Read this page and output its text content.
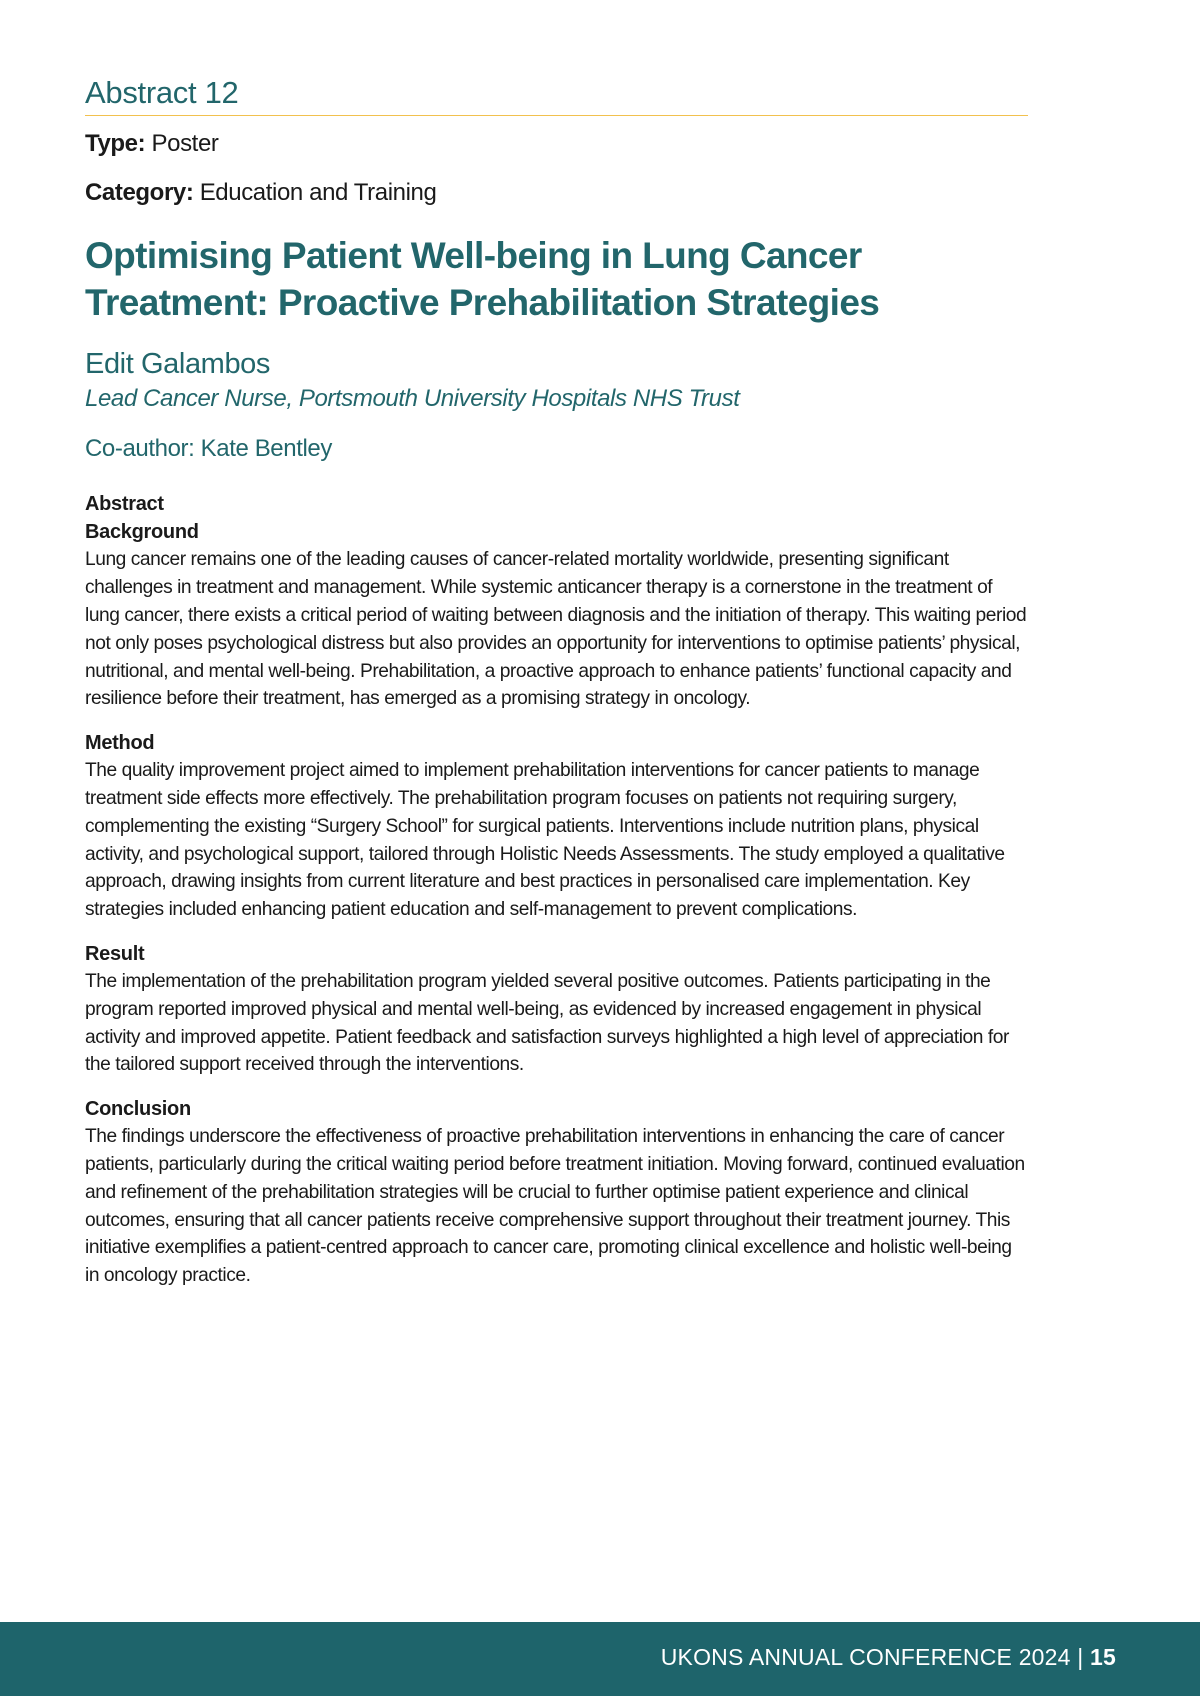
Abstract 12
Type: Poster
Category: Education and Training
Optimising Patient Well-being in Lung Cancer Treatment: Proactive Prehabilitation Strategies
Edit Galambos
Lead Cancer Nurse, Portsmouth University Hospitals NHS Trust
Co-author: Kate Bentley
Abstract
Background

Lung cancer remains one of the leading causes of cancer-related mortality worldwide, presenting significant challenges in treatment and management. While systemic anticancer therapy is a cornerstone in the treatment of lung cancer, there exists a critical period of waiting between diagnosis and the initiation of therapy. This waiting period not only poses psychological distress but also provides an opportunity for interventions to optimise patients’ physical, nutritional, and mental well-being. Prehabilitation, a proactive approach to enhance patients’ functional capacity and resilience before their treatment, has emerged as a promising strategy in oncology.

Method

The quality improvement project aimed to implement prehabilitation interventions for cancer patients to manage treatment side effects more effectively. The prehabilitation program focuses on patients not requiring surgery, complementing the existing “Surgery School” for surgical patients. Interventions include nutrition plans, physical activity, and psychological support, tailored through Holistic Needs Assessments. The study employed a qualitative approach, drawing insights from current literature and best practices in personalised care implementation. Key strategies included enhancing patient education and self-management to prevent complications.

Result

The implementation of the prehabilitation program yielded several positive outcomes. Patients participating in the program reported improved physical and mental well-being, as evidenced by increased engagement in physical activity and improved appetite. Patient feedback and satisfaction surveys highlighted a high level of appreciation for the tailored support received through the interventions.

Conclusion

The findings underscore the effectiveness of proactive prehabilitation interventions in enhancing the care of cancer patients, particularly during the critical waiting period before treatment initiation. Moving forward, continued evaluation and refinement of the prehabilitation strategies will be crucial to further optimise patient experience and clinical outcomes, ensuring that all cancer patients receive comprehensive support throughout their treatment journey. This initiative exemplifies a patient-centred approach to cancer care, promoting clinical excellence and holistic well-being in oncology practice.

UKONS ANNUAL CONFERENCE 2024 | 15
